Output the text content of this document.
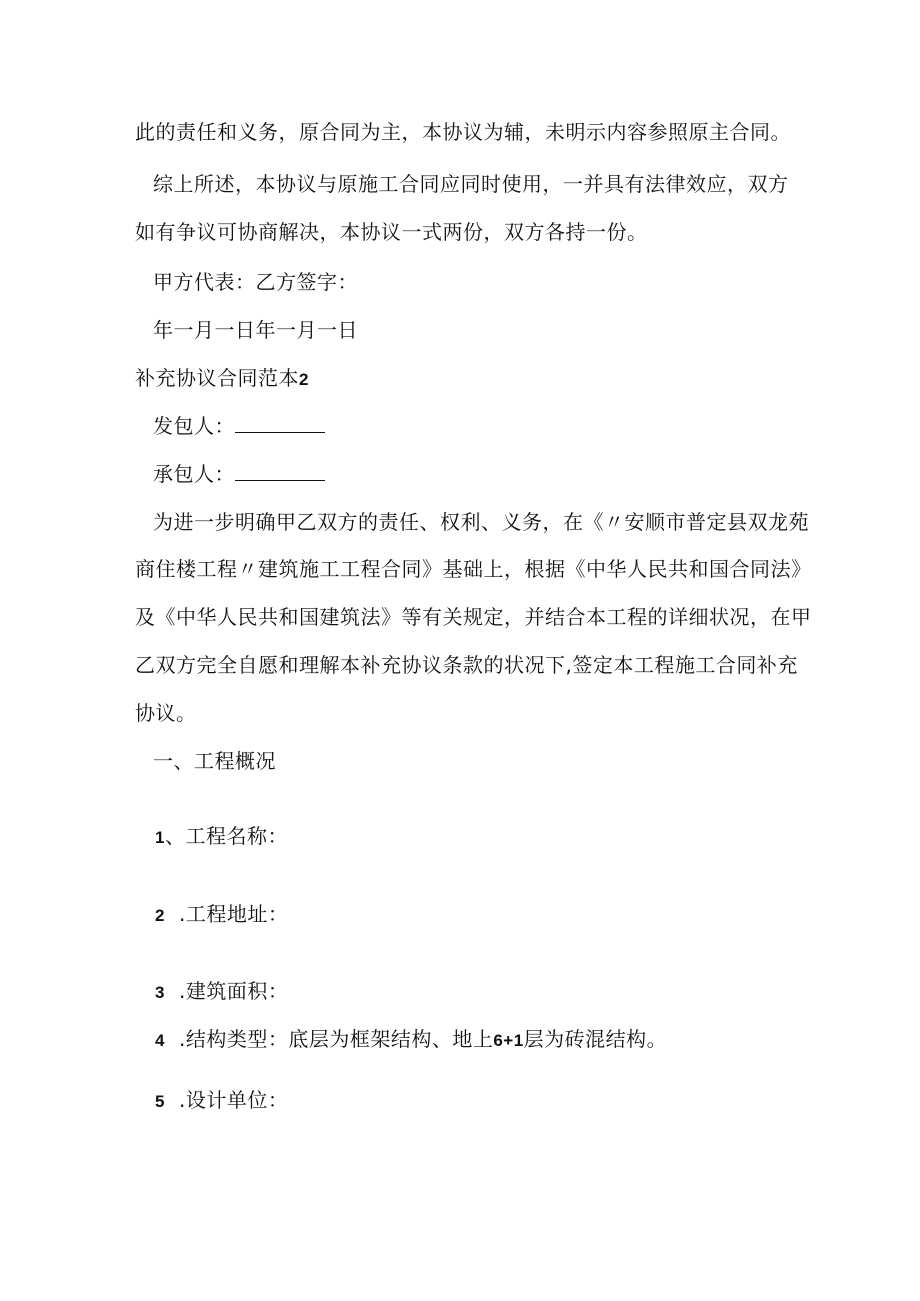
此的责任和义务，原合同为主，本协议为辅，未明示内容参照原主合同。
综上所述，本协议与原施工合同应同时使用，一并具有法律效应，双方
如有争议可协商解决，本协议一式两份，双方各持一份。
甲方代表：乙方签字：
年一月一日年一月一日
补充协议合同范本2
发包人：
承包人：
为进一步明确甲乙双方的责任、权利、义务，在《〃安顺市普定县双龙苑
商住楼工程〃建筑施工工程合同》基础上，根据《中华人民共和国合同法》
及《中华人民共和国建筑法》等有关规定，并结合本工程的详细状况，在甲
乙双方完全自愿和理解本补充协议条款的状况下,签定本工程施工合同补充
协议。
一、工程概况
1、工程名称：
2 .工程地址：
3 .建筑面积：
4 .结构类型：底层为框架结构、地上6+1层为砖混结构。
5 .设计单位：
